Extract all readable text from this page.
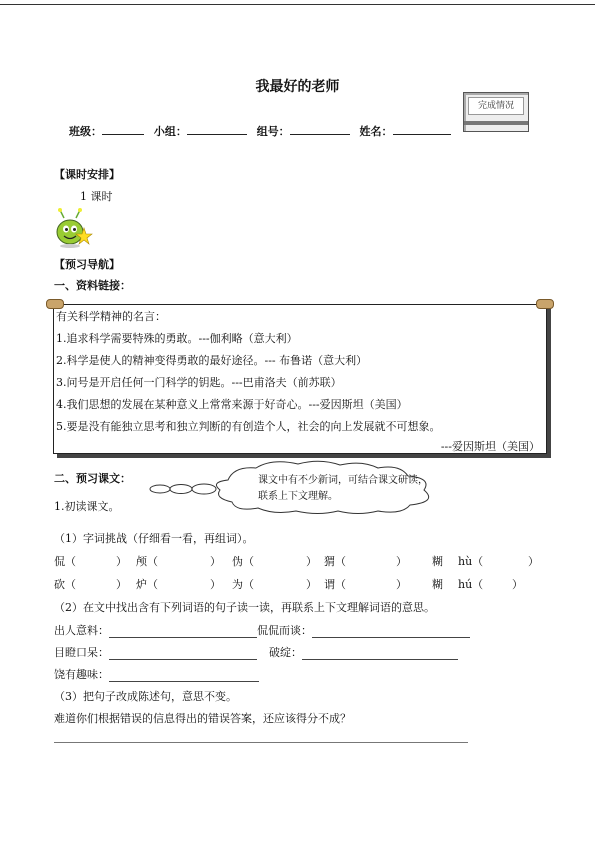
我最好的老师
班级：	小组：	组号：	姓名：
完成情况
【课时安排】
1 课时
【预习导航】
一、资料链接：
有关科学精神的名言：
1.追求科学需要特殊的勇敢。---伽利略（意大利）
2.科学是使人的精神变得勇敢的最好途径。--- 布鲁诺（意大利）
3.问号是开启任何一门科学的钥匙。---巴甫洛夫（前苏联）
4.我们思想的发展在某种意义上常常来源于好奇心。---爱因斯坦（美国）
5.要是没有能独立思考和独立判断的有创造个人，社会的向上发展就不可想象。
---爱因斯坦（美国）
二、预习课文：	课文中有不少新词，可结合课文研读，联系上下文理解。
1.初读课文。
（1）字词挑战（仔细看一看，再组词）。
侃（	） 颅（	） 伪（	） 猬（	） 糊 hù（	）
砍（	） 炉（	） 为（	） 谓（	） 糊 hú（	）
（2）在文中找出含有下列词语的句子读一读，再联系上下文理解词语的意思。
出人意料：	侃侃而谈：
目瞪口呆：	破绽：
饶有趣味：
（3）把句子改成陈述句，意思不变。
难道你们根据错误的信息得出的错误答案，还应该得分不成？
